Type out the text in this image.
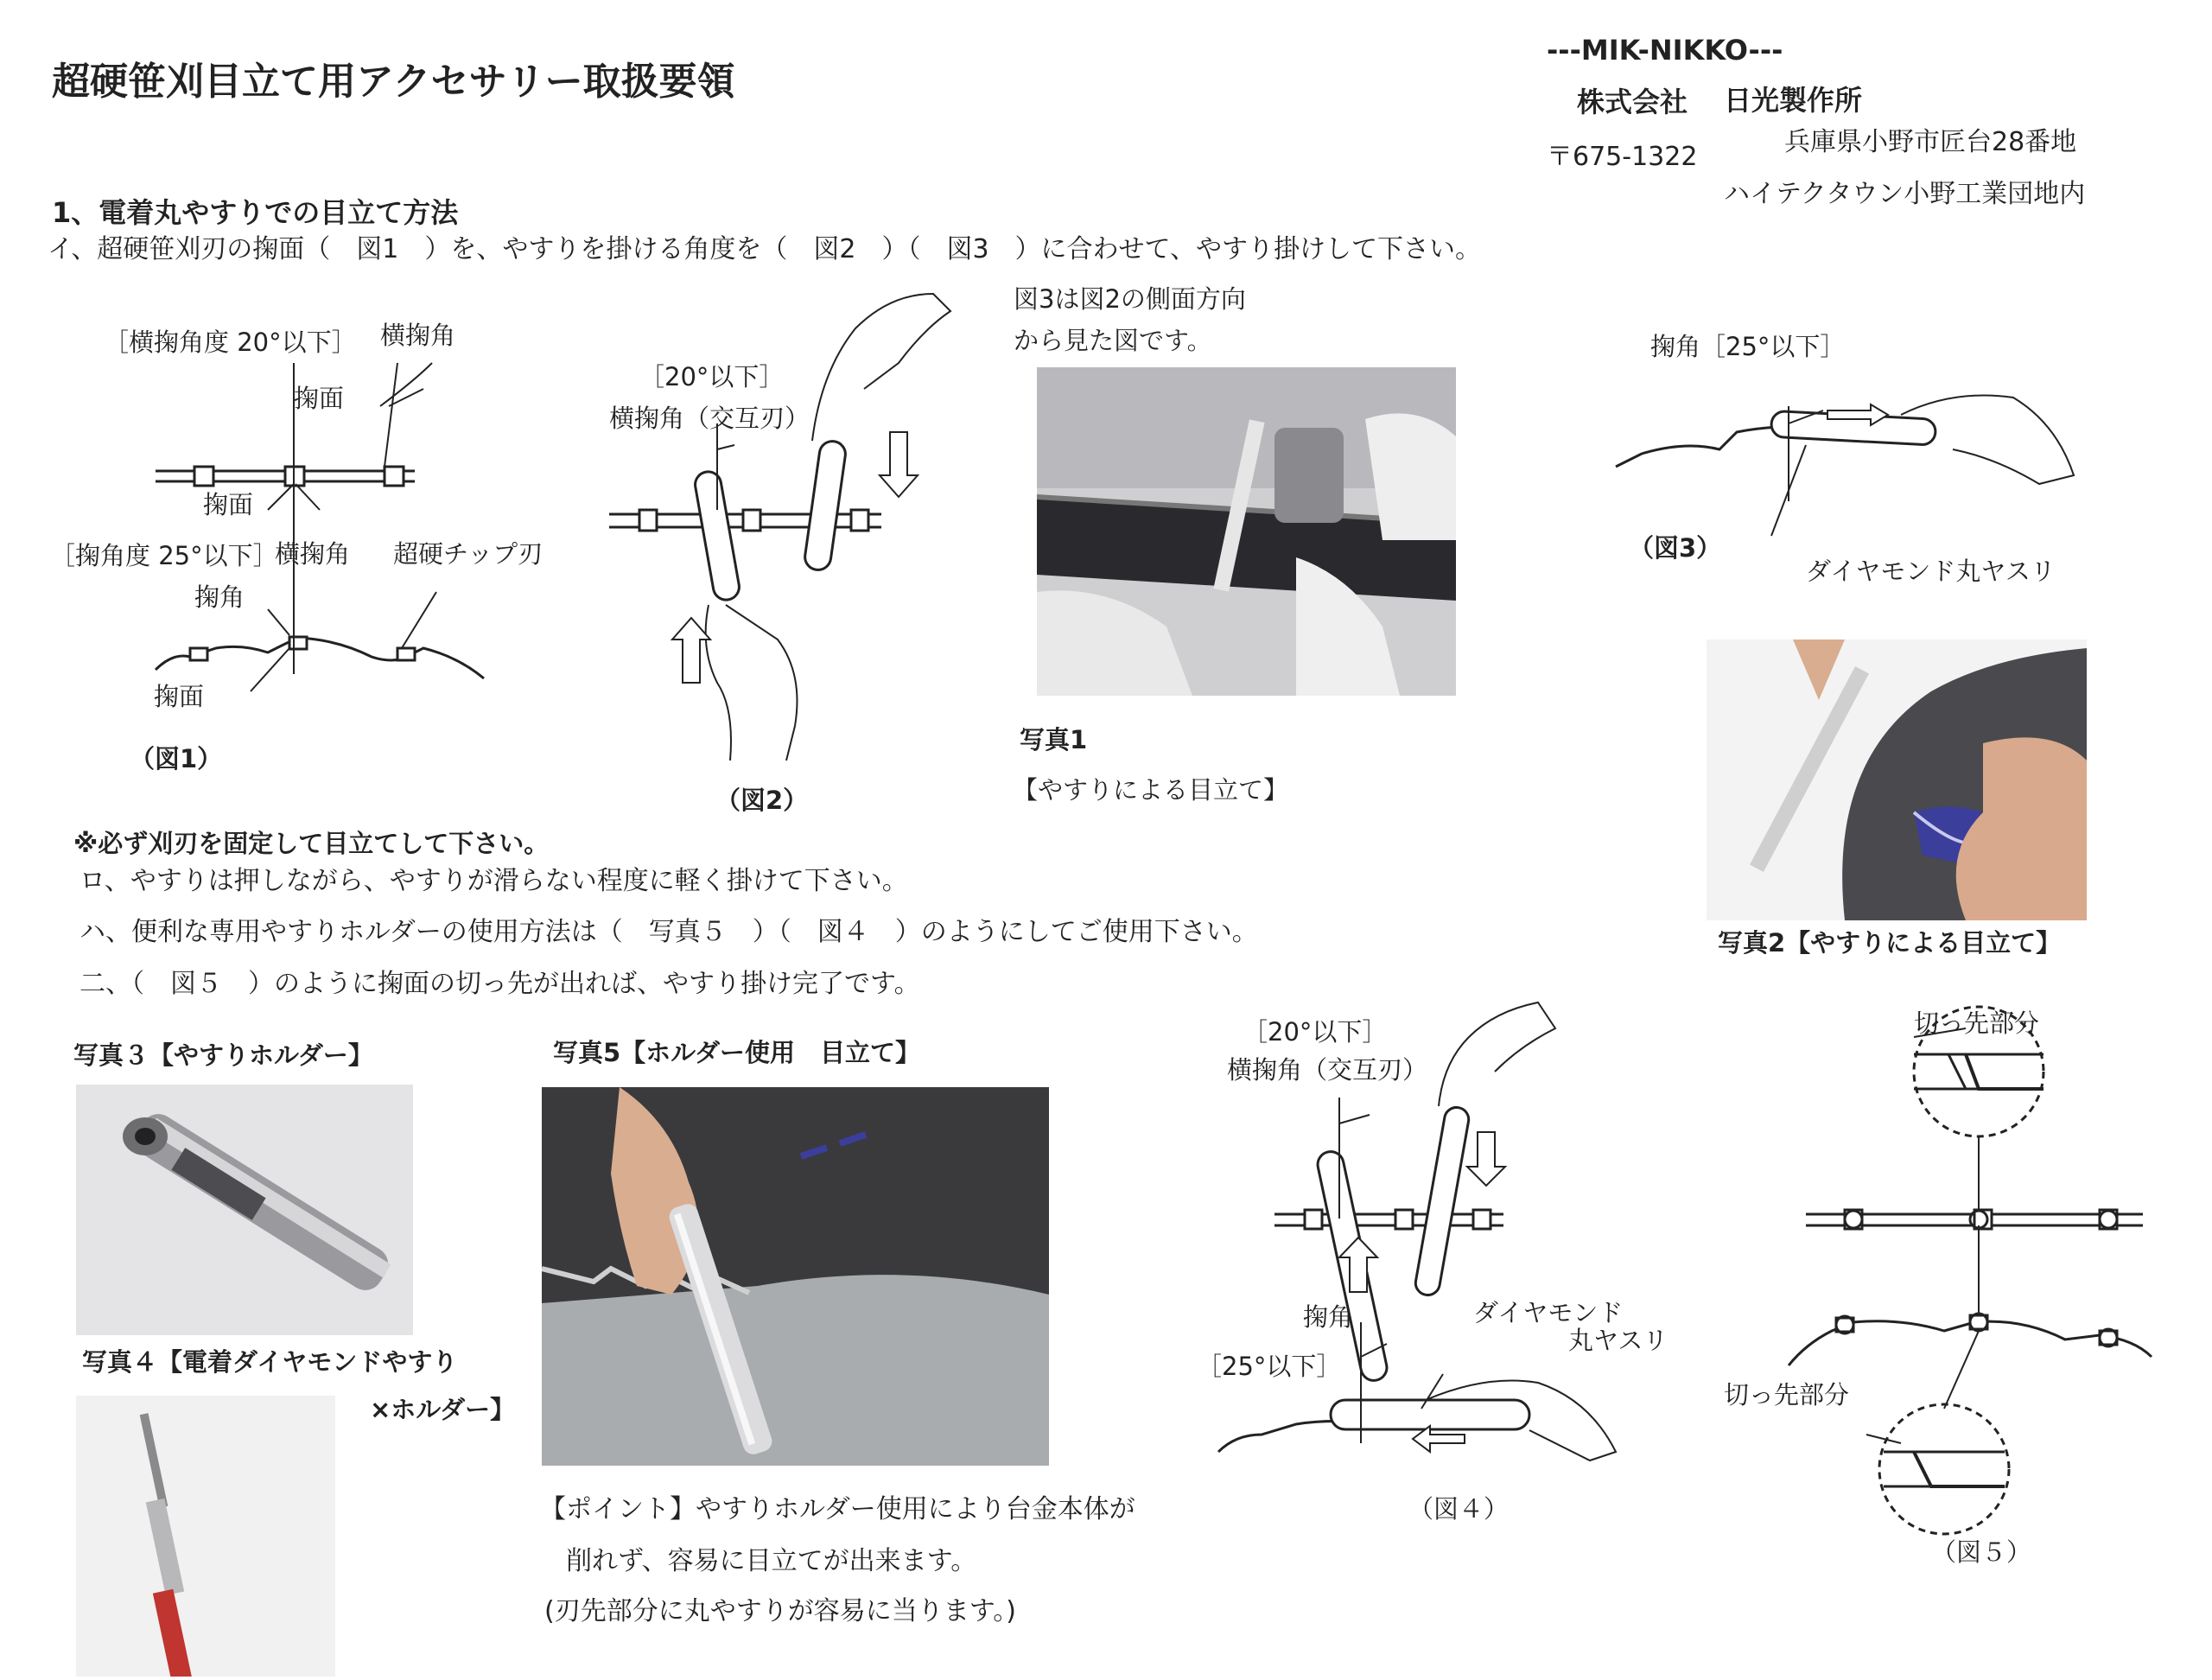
超硬笹刈目立て用アクセサリー取扱要領
---MIK-NIKKO---
株式会社 日光製作所
〒675-1322	兵庫県小野市匠台28番地
ハイテクタウン小野工業団地内
1、電着丸やすりでの目立て方法
イ、超硬笹刈刃の掬面（　図1　）を、やすりを掛ける角度を（　図2　）（　図3　）に合わせて、やすり掛けして下さい。
［横掬角度 20°以下］ 横掬角
掬面
掬面
［掬角度 25°以下］
横掬角 超硬チップ刃
掬角
掬面
（図1）
［20°以下］
横掬角（交互刃）
（図2）
図3は図2の側面方向
から見た図です。
写真1
【やすりによる目立て】
掬角［25°以下］
（図3）
ダイヤモンド丸ヤスリ
写真2【やすりによる目立て】
※必ず刈刃を固定して目立てして下さい。
ロ、やすりは押しながら、やすりが滑らない程度に軽く掛けて下さい。
ハ、便利な専用やすりホルダーの使用方法は（　写真５　）（　図４　）のようにしてご使用下さい。
二、（　図５　）のように掬面の切っ先が出れば、やすり掛け完了です。
写真３【やすりホルダー】
写真４【電着ダイヤモンドやすり
×ホルダー】
写真5【ホルダー使用　目立て】
【ポイント】やすりホルダー使用により台金本体が
削れず、容易に目立てが出来ます。
(刃先部分に丸やすりが容易に当ります。)
［20°以下］
横掬角（交互刃）
掬角
［25°以下］
ダイヤモンド
丸ヤスリ
（図４）
切っ先部分
切っ先部分
（図５）
